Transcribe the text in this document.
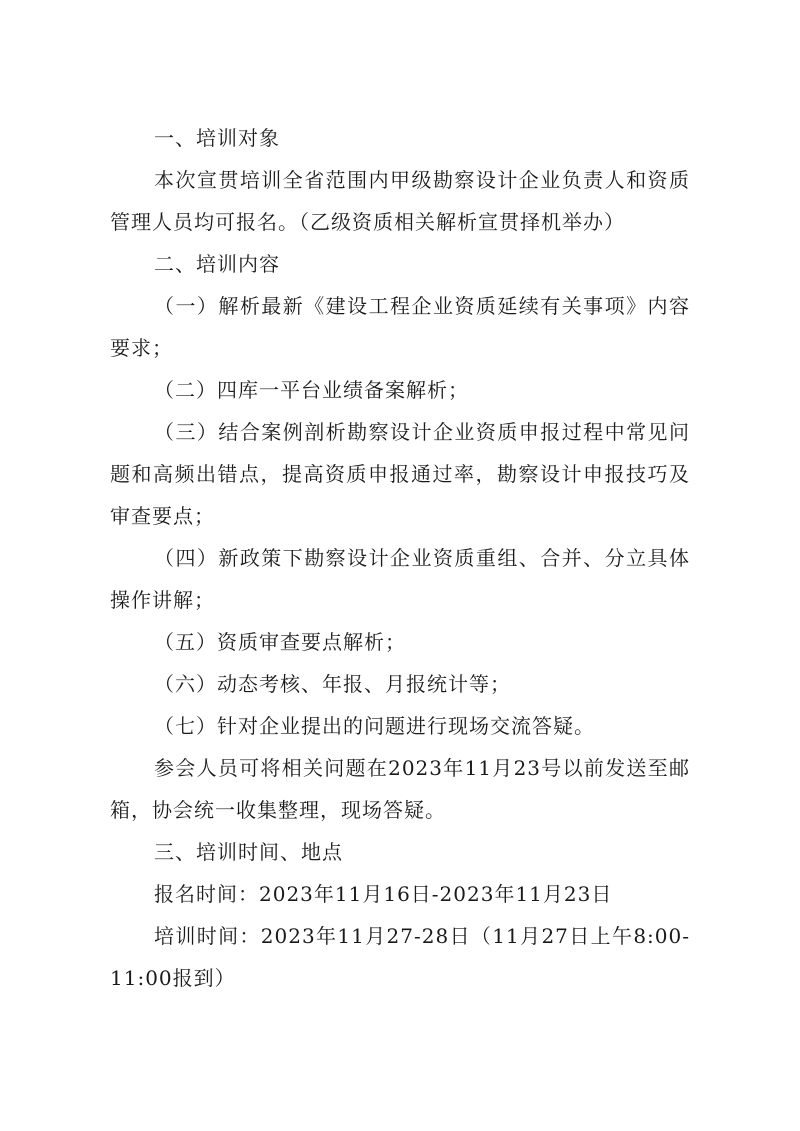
一、培训对象

本次宣贯培训全省范围内甲级勘察设计企业负责人和资质管理人员均可报名。（乙级资质相关解析宣贯择机举办）

二、培训内容

（一）解析最新《建设工程企业资质延续有关事项》内容要求；

（二）四库一平台业绩备案解析；

（三）结合案例剖析勘察设计企业资质申报过程中常见问题和高频出错点，提高资质申报通过率，勘察设计申报技巧及审查要点；

（四）新政策下勘察设计企业资质重组、合并、分立具体操作讲解；

（五）资质审查要点解析；

（六）动态考核、年报、月报统计等；

（七）针对企业提出的问题进行现场交流答疑。

参会人员可将相关问题在2023年11月23号以前发送至邮箱，协会统一收集整理，现场答疑。

三、培训时间、地点

报名时间：2023年11月16日-2023年11月23日

培训时间：2023年11月27-28日（11月27日上午8:00-11:00报到）
